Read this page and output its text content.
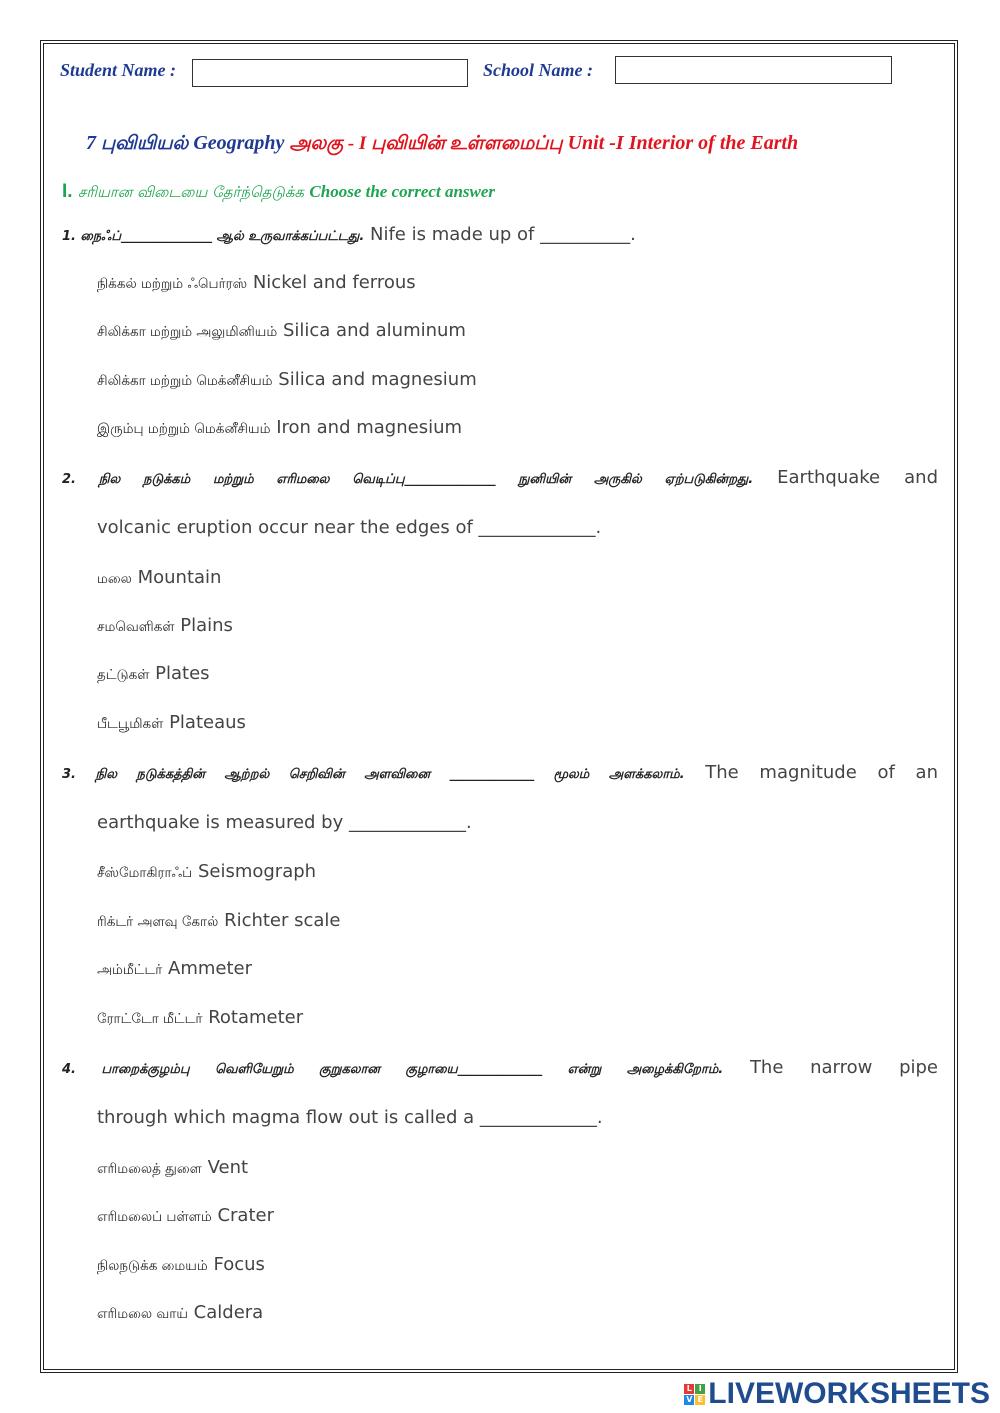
Student Name :	School Name :
7 புவியியல் Geography அலகு - I புவியின் உள்ளமைப்பு Unit -I Interior of the Earth
I. சரியான விடையை தேர்ந்தெடுக்க Choose the correct answer
1. நைஃப்______________ ஆல் உருவாக்கப்பட்டது. Nife is made up of __________.
நிக்கல் மற்றும் ஃபெர்ரஸ் Nickel and ferrous
சிலிக்கா மற்றும் அலுமினியம் Silica and aluminum
சிலிக்கா மற்றும் மெக்னீசியம் Silica and magnesium
இரும்பு மற்றும் மெக்னீசியம் Iron and magnesium
2. நில நடுக்கம் மற்றும் எரிமலை வெடிப்பு______________ நுனியின் அருகில் ஏற்படுகின்றது. Earthquake and
volcanic eruption occur near the edges of _____________.
மலை Mountain
சமவெளிகள் Plains
தட்டுகள் Plates
பீடபூமிகள் Plateaus
3. நில நடுக்கத்தின் ஆற்றல் செறிவின் அளவினை _____________ மூலம் அளக்கலாம். The magnitude of an
earthquake is measured by _____________.
சீஸ்மோகிராஃப் Seismograph
ரிக்டர் அளவு கோல் Richter scale
அம்மீட்டர் Ammeter
ரோட்டோ மீட்டர் Rotameter
4. பாறைக்குழம்பு வெளியேறும் குறுகலான குழாயை_____________ என்று அழைக்கிறோம். The narrow pipe
through which magma flow out is called a _____________.
எரிமலைத் துளை Vent
எரிமலைப் பள்ளம் Crater
நிலநடுக்க மையம் Focus
எரிமலை வாய் Caldera
L I
V E LIVEWORKSHEETS
